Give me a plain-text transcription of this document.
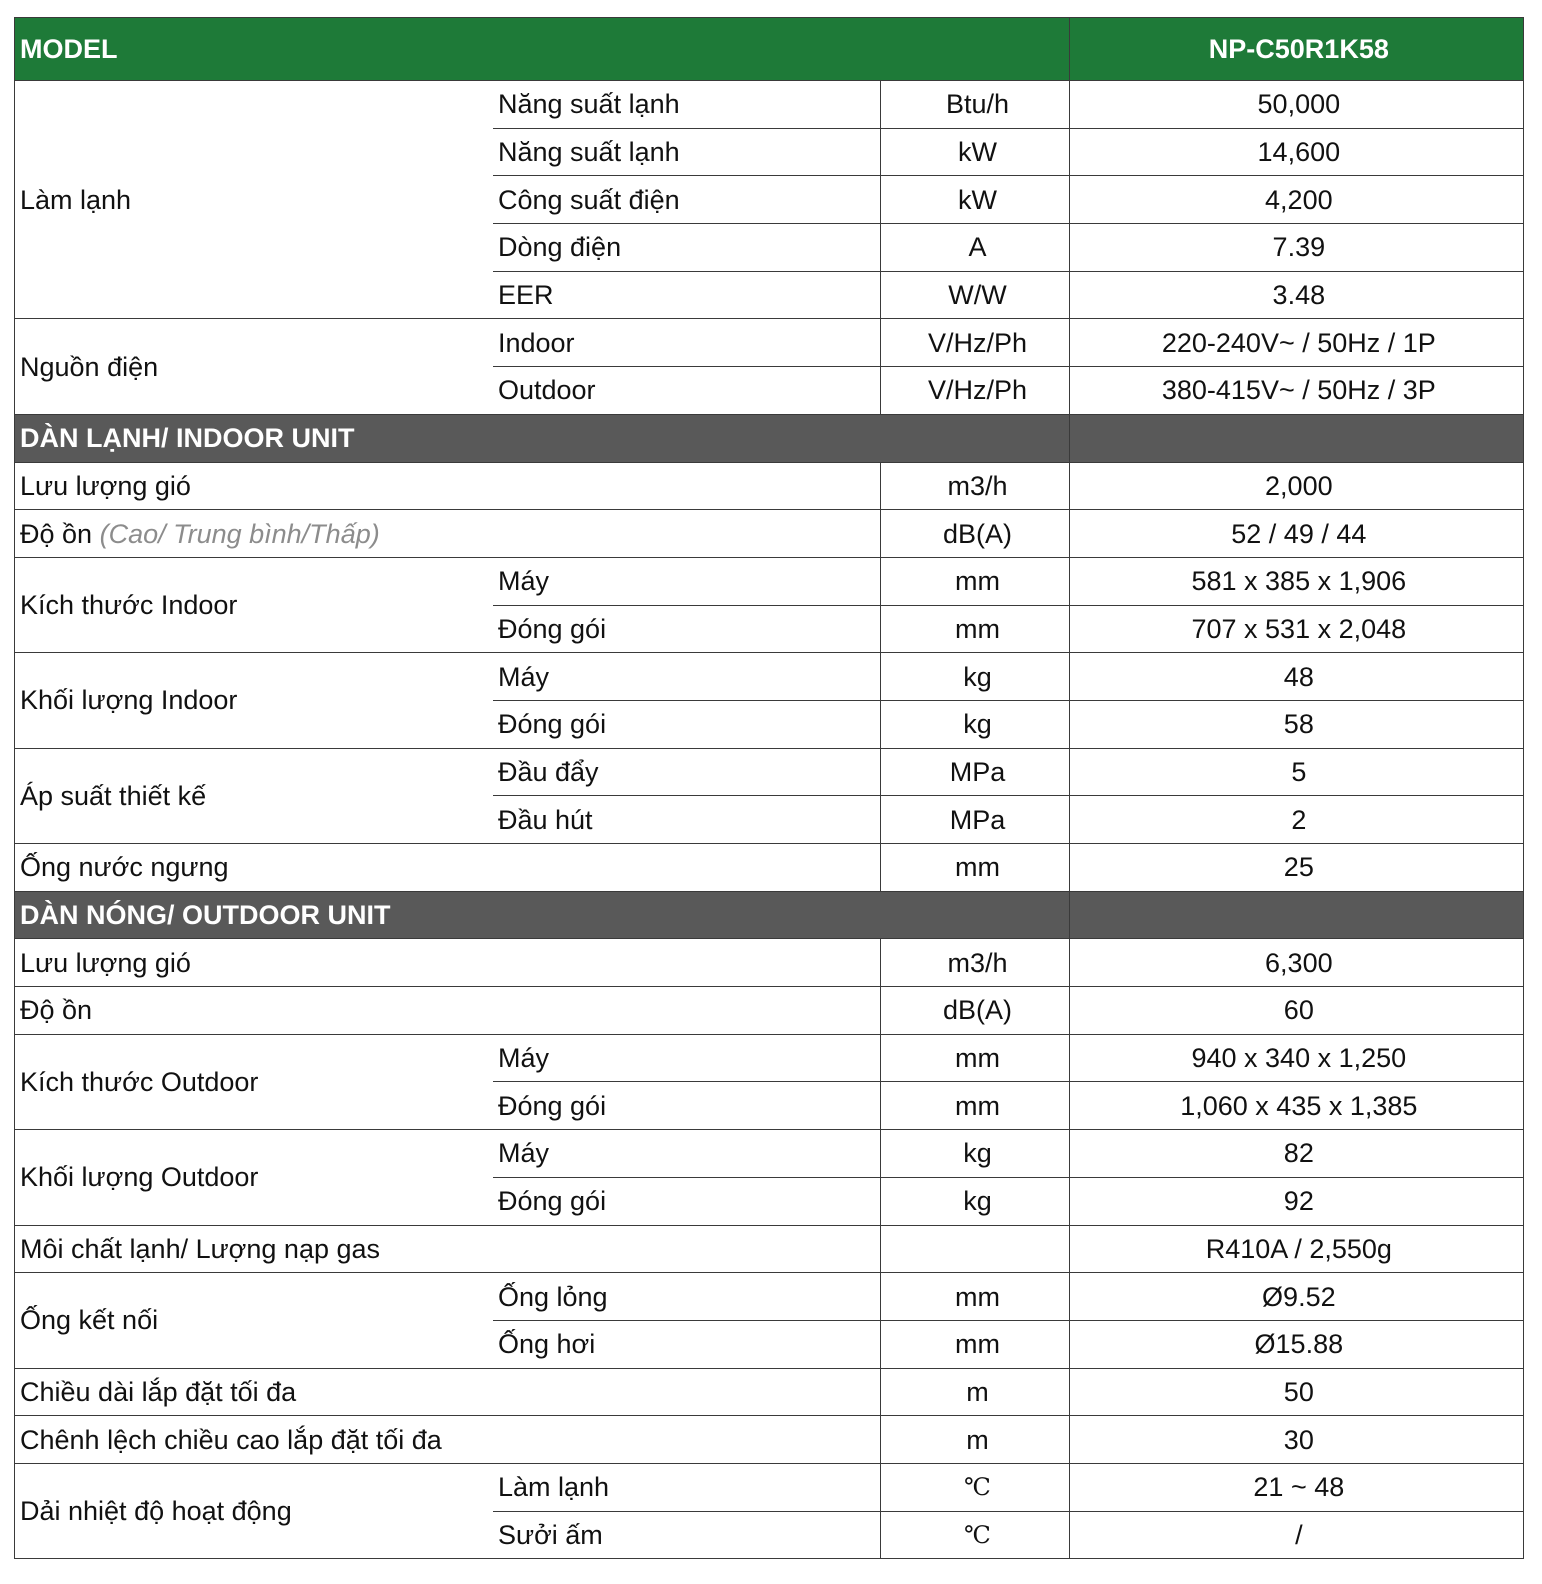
MODEL			NP-C50R1K58
Làm lạnh	Năng suất lạnh	Btu/h	50,000
	Năng suất lạnh	kW	14,600
	Công suất điện	kW	4,200
	Dòng điện	A	7.39
	EER	W/W	3.48
Nguồn điện	Indoor	V/Hz/Ph	220-240V~ / 50Hz / 1P
	Outdoor	V/Hz/Ph	380-415V~ / 50Hz / 3P
DÀN LẠNH/ INDOOR UNIT			
Lưu lượng gió		m3/h	2,000
Độ ồn (Cao/ Trung bình/Thấp)		dB(A)	52 / 49 / 44
Kích thước Indoor	Máy	mm	581 x 385 x 1,906
	Đóng gói	mm	707 x 531 x 2,048
Khối lượng Indoor	Máy	kg	48
	Đóng gói	kg	58
Áp suất thiết kế	Đầu đẩy	MPa	5
	Đầu hút	MPa	2
Ống nước ngưng		mm	25
DÀN NÓNG/ OUTDOOR UNIT			
Lưu lượng gió		m3/h	6,300
Độ ồn		dB(A)	60
Kích thước Outdoor	Máy	mm	940 x 340 x 1,250
	Đóng gói	mm	1,060 x 435 x 1,385
Khối lượng Outdoor	Máy	kg	82
	Đóng gói	kg	92
Môi chất lạnh/ Lượng nạp gas			R410A / 2,550g
Ống kết nối	Ống lỏng	mm	Ø9.52
	Ống hơi	mm	Ø15.88
Chiều dài lắp đặt tối đa		m	50
Chênh lệch chiều cao lắp đặt tối đa		m	30
Dải nhiệt độ hoạt động	Làm lạnh	℃	21 ~ 48
	Sưởi ấm	℃	/
